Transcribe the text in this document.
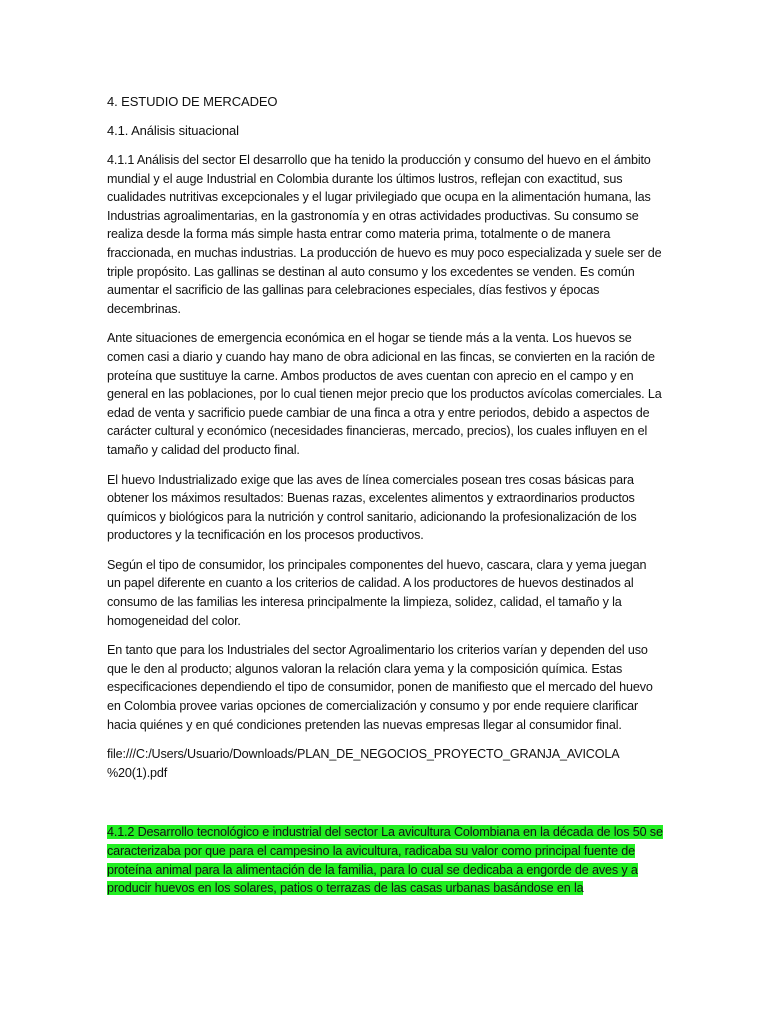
4. ESTUDIO DE MERCADEO

4.1. Análisis situacional

4.1.1 Análisis del sector El desarrollo que ha tenido la producción y consumo del huevo en el ámbito mundial y el auge Industrial en Colombia durante los últimos lustros, reflejan con exactitud, sus cualidades nutritivas excepcionales y el lugar privilegiado que ocupa en la alimentación humana, las Industrias agroalimentarias, en la gastronomía y en otras actividades productivas. Su consumo se realiza desde la forma más simple hasta entrar como materia prima, totalmente o de manera fraccionada, en muchas industrias. La producción de huevo es muy poco especializada y suele ser de triple propósito. Las gallinas se destinan al auto consumo y los excedentes se venden. Es común aumentar el sacrificio de las gallinas para celebraciones especiales, días festivos y épocas decembrinas.

Ante situaciones de emergencia económica en el hogar se tiende más a la venta. Los huevos se comen casi a diario y cuando hay mano de obra adicional en las fincas, se convierten en la ración de proteína que sustituye la carne. Ambos productos de aves cuentan con aprecio en el campo y en general en las poblaciones, por lo cual tienen mejor precio que los productos avícolas comerciales. La edad de venta y sacrificio puede cambiar de una finca a otra y entre periodos, debido a aspectos de carácter cultural y económico (necesidades financieras, mercado, precios), los cuales influyen en el tamaño y calidad del producto final.

El huevo Industrializado exige que las aves de línea comerciales posean tres cosas básicas para obtener los máximos resultados: Buenas razas, excelentes alimentos y extraordinarios productos químicos y biológicos para la nutrición y control sanitario, adicionando la profesionalización de los productores y la tecnificación en los procesos productivos.

Según el tipo de consumidor, los principales componentes del huevo, cascara, clara y yema juegan un papel diferente en cuanto a los criterios de calidad. A los productores de huevos destinados al consumo de las familias les interesa principalmente la limpieza, solidez, calidad, el tamaño y la homogeneidad del color.

En tanto que para los Industriales del sector Agroalimentario los criterios varían y dependen del uso que le den al producto; algunos valoran la relación clara yema y la composición química. Estas especificaciones dependiendo el tipo de consumidor, ponen de manifiesto que el mercado del huevo en Colombia provee varias opciones de comercialización y consumo y por ende requiere clarificar hacia quiénes y en qué condiciones pretenden las nuevas empresas llegar al consumidor final.

file:///C:/Users/Usuario/Downloads/PLAN_DE_NEGOCIOS_PROYECTO_GRANJA_AVICOLA
%20(1).pdf

4.1.2 Desarrollo tecnológico e industrial del sector La avicultura Colombiana en la década de los 50 se caracterizaba por que para el campesino la avicultura, radicaba su valor como principal fuente de proteína animal para la alimentación de la familia, para lo cual se dedicaba a engorde de aves y a producir huevos en los solares, patios o terrazas de las casas urbanas basándose en la
